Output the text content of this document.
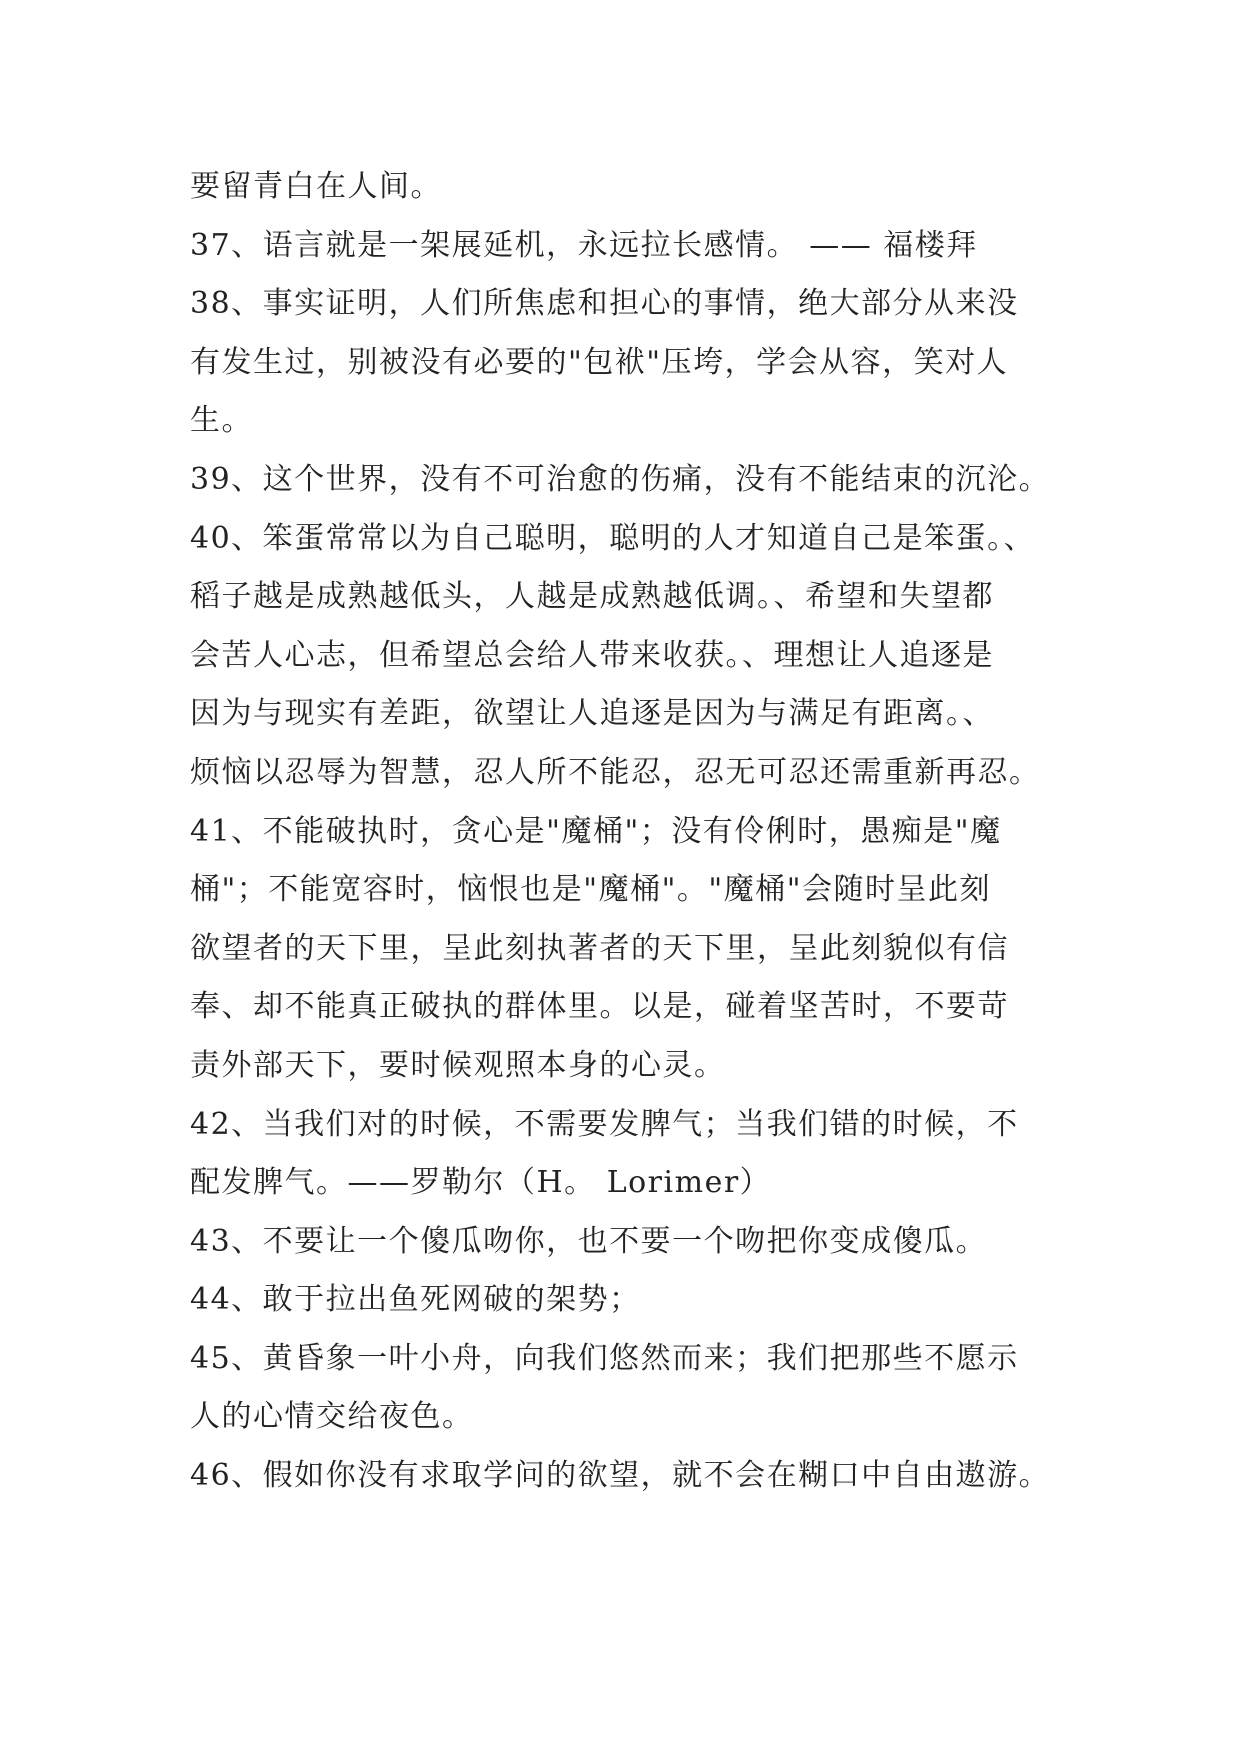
要留青白在人间。
37、语言就是一架展延机，永远拉长感情。 —— 福楼拜
38、事实证明，人们所焦虑和担心的事情，绝大部分从来没
有发生过，别被没有必要的"包袱"压垮，学会从容，笑对人
生。
39、这个世界，没有不可治愈的伤痛，没有不能结束的沉沦。
40、笨蛋常常以为自己聪明，聪明的人才知道自己是笨蛋。、
稻子越是成熟越低头，人越是成熟越低调。、希望和失望都
会苦人心志，但希望总会给人带来收获。、理想让人追逐是
因为与现实有差距，欲望让人追逐是因为与满足有距离。、
烦恼以忍辱为智慧，忍人所不能忍，忍无可忍还需重新再忍。
41、不能破执时，贪心是"魔桶"；没有伶俐时，愚痴是"魔
桶"；不能宽容时，恼恨也是"魔桶"。"魔桶"会随时呈此刻
欲望者的天下里，呈此刻执著者的天下里，呈此刻貌似有信
奉、却不能真正破执的群体里。以是，碰着坚苦时，不要苛
责外部天下，要时候观照本身的心灵。
42、当我们对的时候，不需要发脾气；当我们错的时候，不
配发脾气。——罗勒尔（H。 Lorimer）
43、不要让一个傻瓜吻你，也不要一个吻把你变成傻瓜。
44、敢于拉出鱼死网破的架势；
45、黄昏象一叶小舟，向我们悠然而来；我们把那些不愿示
人的心情交给夜色。
46、假如你没有求取学问的欲望，就不会在糊口中自由遨游。
